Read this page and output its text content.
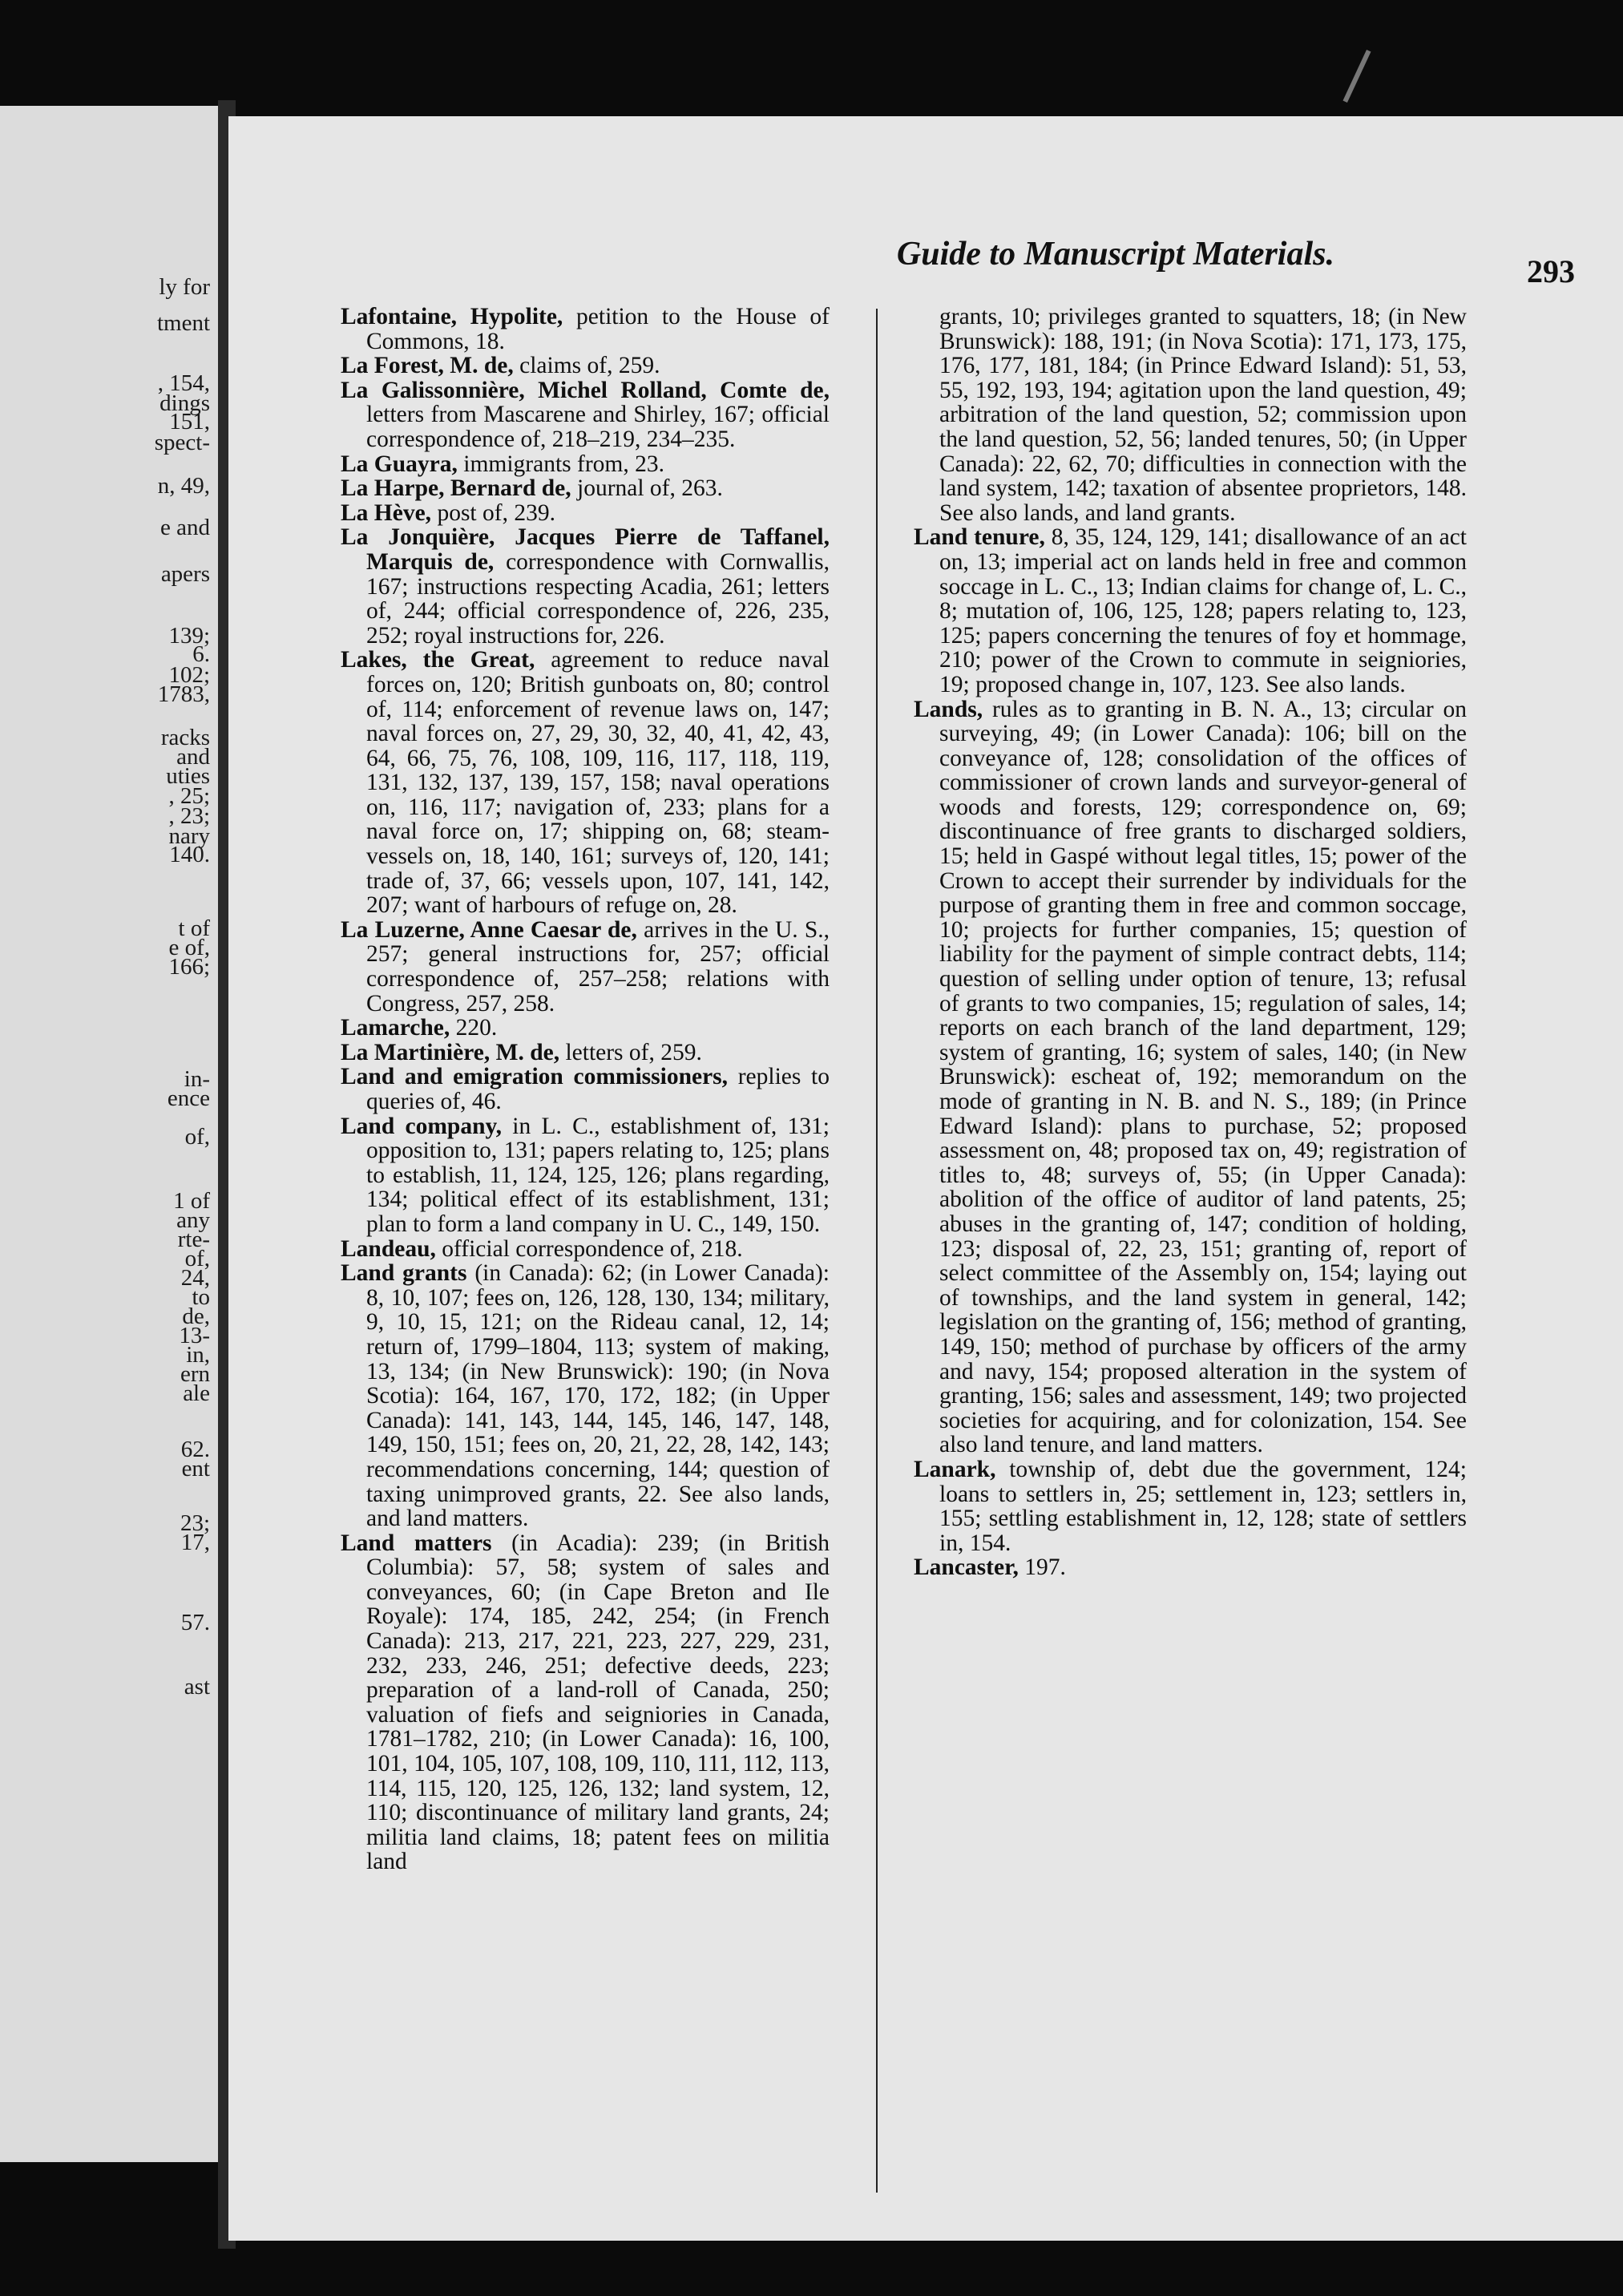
ly for
tment
, 154,
dings
151,
spect-
n, 49,
e and
apers
139;
6.
102;
1783,
racks
and
uties
, 25;
, 23;
nary
140.
t of
e of,
166;
in-
ence
of,
1 of
any
rte-
of,
24,
to
de,
13-
in,
ern
ale
62.
ent
23;
17,
57.
ast
Guide to Manuscript Materials.	293
Lafontaine, Hypolite, petition to the House of Commons, 18.
La Forest, M. de, claims of, 259.
La Galissonnière, Michel Rolland, Comte de, letters from Mascarene and Shirley, 167; official correspondence of, 218–219, 234–235.
La Guayra, immigrants from, 23.
La Harpe, Bernard de, journal of, 263.
La Hève, post of, 239.
La Jonquière, Jacques Pierre de Taffanel, Marquis de, correspondence with Cornwallis, 167; instructions respecting Acadia, 261; letters of, 244; official correspondence of, 226, 235, 252; royal instructions for, 226.
Lakes, the Great, agreement to reduce naval forces on, 120; British gunboats on, 80; control of, 114; enforcement of revenue laws on, 147; naval forces on, 27, 29, 30, 32, 40, 41, 42, 43, 64, 66, 75, 76, 108, 109, 116, 117, 118, 119, 131, 132, 137, 139, 157, 158; naval operations on, 116, 117; navigation of, 233; plans for a naval force on, 17; shipping on, 68; steam-vessels on, 18, 140, 161; surveys of, 120, 141; trade of, 37, 66; vessels upon, 107, 141, 142, 207; want of harbours of refuge on, 28.
La Luzerne, Anne Caesar de, arrives in the U. S., 257; general instructions for, 257; official correspondence of, 257–258; relations with Congress, 257, 258.
Lamarche, 220.
La Martinière, M. de, letters of, 259.
Land and emigration commissioners, replies to queries of, 46.
Land company, in L. C., establishment of, 131; opposition to, 131; papers relating to, 125; plans to establish, 11, 124, 125, 126; plans regarding, 134; political effect of its establishment, 131; plan to form a land company in U. C., 149, 150.
Landeau, official correspondence of, 218.
Land grants (in Canada): 62; (in Lower Canada): 8, 10, 107; fees on, 126, 128, 130, 134; military, 9, 10, 15, 121; on the Rideau canal, 12, 14; return of, 1799–1804, 113; system of making, 13, 134; (in New Brunswick): 190; (in Nova Scotia): 164, 167, 170, 172, 182; (in Upper Canada): 141, 143, 144, 145, 146, 147, 148, 149, 150, 151; fees on, 20, 21, 22, 28, 142, 143; recommendations concerning, 144; question of taxing unimproved grants, 22. See also lands, and land matters.
Land matters (in Acadia): 239; (in British Columbia): 57, 58; system of sales and conveyances, 60; (in Cape Breton and Ile Royale): 174, 185, 242, 254; (in French Canada): 213, 217, 221, 223, 227, 229, 231, 232, 233, 246, 251; defective deeds, 223; preparation of a land-roll of Canada, 250; valuation of fiefs and seigniories in Canada, 1781–1782, 210; (in Lower Canada): 16, 100, 101, 104, 105, 107, 108, 109, 110, 111, 112, 113, 114, 115, 120, 125, 126, 132; land system, 12, 110; discontinuance of military land grants, 24; militia land claims, 18; patent fees on militia land
grants, 10; privileges granted to squatters, 18; (in New Brunswick): 188, 191; (in Nova Scotia): 171, 173, 175, 176, 177, 181, 184; (in Prince Edward Island): 51, 53, 55, 192, 193, 194; agitation upon the land question, 49; arbitration of the land question, 52; commission upon the land question, 52, 56; landed tenures, 50; (in Upper Canada): 22, 62, 70; difficulties in connection with the land system, 142; taxation of absentee proprietors, 148. See also lands, and land grants.
Land tenure, 8, 35, 124, 129, 141; disallowance of an act on, 13; imperial act on lands held in free and common soccage in L. C., 13; Indian claims for change of, L. C., 8; mutation of, 106, 125, 128; papers relating to, 123, 125; papers concerning the tenures of foy et hommage, 210; power of the Crown to commute in seigniories, 19; proposed change in, 107, 123. See also lands.
Lands, rules as to granting in B. N. A., 13; circular on surveying, 49; (in Lower Canada): 106; bill on the conveyance of, 128; consolidation of the offices of commissioner of crown lands and surveyor-general of woods and forests, 129; correspondence on, 69; discontinuance of free grants to discharged soldiers, 15; held in Gaspé without legal titles, 15; power of the Crown to accept their surrender by individuals for the purpose of granting them in free and common soccage, 10; projects for further companies, 15; question of liability for the payment of simple contract debts, 114; question of selling under option of tenure, 13; refusal of grants to two companies, 15; regulation of sales, 14; reports on each branch of the land department, 129; system of granting, 16; system of sales, 140; (in New Brunswick): escheat of, 192; memorandum on the mode of granting in N. B. and N. S., 189; (in Prince Edward Island): plans to purchase, 52; proposed assessment on, 48; proposed tax on, 49; registration of titles to, 48; surveys of, 55; (in Upper Canada): abolition of the office of auditor of land patents, 25; abuses in the granting of, 147; condition of holding, 123; disposal of, 22, 23, 151; granting of, report of select committee of the Assembly on, 154; laying out of townships, and the land system in general, 142; legislation on the granting of, 156; method of granting, 149, 150; method of purchase by officers of the army and navy, 154; proposed alteration in the system of granting, 156; sales and assessment, 149; two projected societies for acquiring, and for colonization, 154. See also land tenure, and land matters.
Lanark, township of, debt due the government, 124; loans to settlers in, 25; settlement in, 123; settlers in, 155; settling establishment in, 12, 128; state of settlers in, 154.
Lancaster, 197.
